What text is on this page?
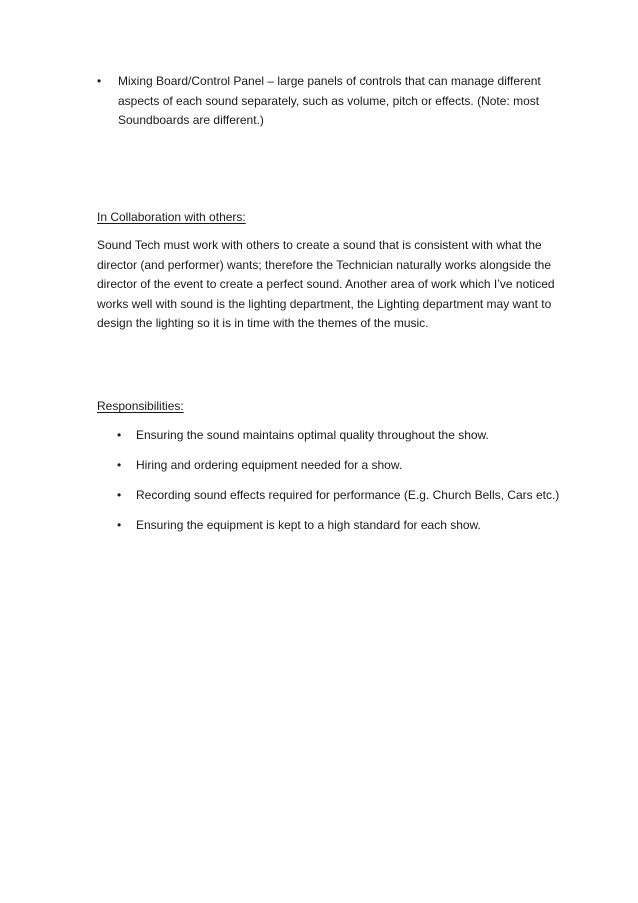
•	Mixing Board/Control Panel – large panels of controls that can manage different aspects of each sound separately, such as volume, pitch or effects. (Note: most Soundboards are different.)
In Collaboration with others:
Sound Tech must work with others to create a sound that is consistent with what the director (and performer) wants; therefore the Technician naturally works alongside the director of the event to create a perfect sound. Another area of work which I’ve noticed works well with sound is the lighting department, the Lighting department may want to design the lighting so it is in time with the themes of the music.
Responsibilities:
• Ensuring the sound maintains optimal quality throughout the show.
• Hiring and ordering equipment needed for a show.
• Recording sound effects required for performance (E.g. Church Bells, Cars etc.)
• Ensuring the equipment is kept to a high standard for each show.
